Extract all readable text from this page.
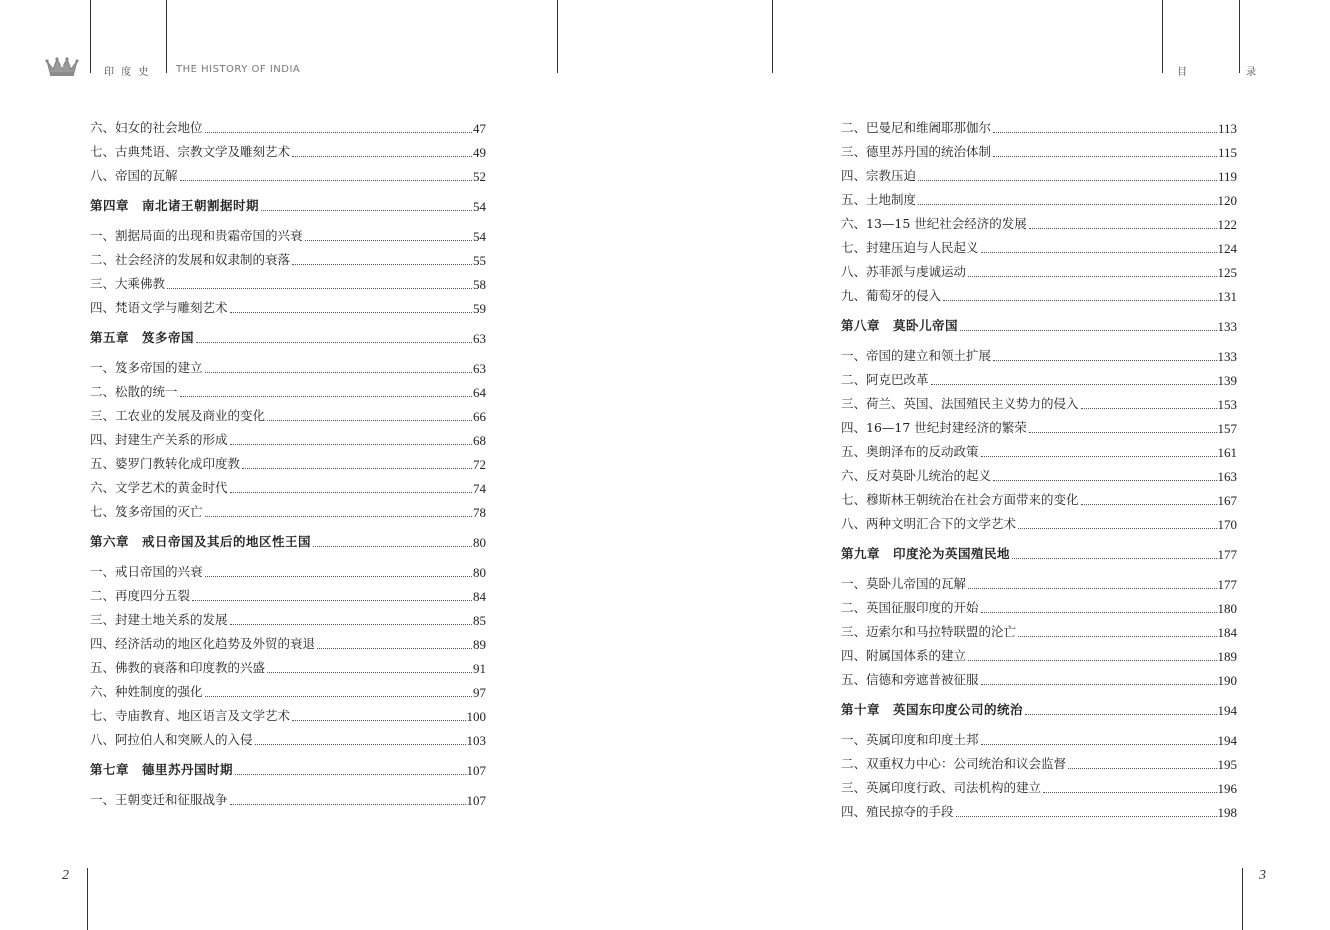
印 度 史	THE HISTORY OF INDIA	目 录
六、妇女的社会地位	47
七、古典梵语、宗教文学及雕刻艺术	49
八、帝国的瓦解	52
第四章　南北诸王朝割据时期	54
一、割据局面的出现和贵霜帝国的兴衰	54
二、社会经济的发展和奴隶制的衰落	55
三、大乘佛教	58
四、梵语文学与雕刻艺术	59
第五章　笈多帝国	63
一、笈多帝国的建立	63
二、松散的统一	64
三、工农业的发展及商业的变化	66
四、封建生产关系的形成	68
五、婆罗门教转化成印度教	72
六、文学艺术的黄金时代	74
七、笈多帝国的灭亡	78
第六章　戒日帝国及其后的地区性王国	80
一、戒日帝国的兴衰	80
二、再度四分五裂	84
三、封建土地关系的发展	85
四、经济活动的地区化趋势及外贸的衰退	89
五、佛教的衰落和印度教的兴盛	91
六、种姓制度的强化	97
七、寺庙教育、地区语言及文学艺术	100
八、阿拉伯人和突厥人的入侵	103
第七章　德里苏丹国时期	107
一、王朝变迁和征服战争	107
二、巴曼尼和维阇耶那伽尔	113
三、德里苏丹国的统治体制	115
四、宗教压迫	119
五、土地制度	120
六、13—15 世纪社会经济的发展	122
七、封建压迫与人民起义	124
八、苏菲派与虔诚运动	125
九、葡萄牙的侵入	131
第八章　莫卧儿帝国	133
一、帝国的建立和领土扩展	133
二、阿克巴改革	139
三、荷兰、英国、法国殖民主义势力的侵入	153
四、16—17 世纪封建经济的繁荣	157
五、奥朗泽布的反动政策	161
六、反对莫卧儿统治的起义	163
七、穆斯林王朝统治在社会方面带来的变化	167
八、两种文明汇合下的文学艺术	170
第九章　印度沦为英国殖民地	177
一、莫卧儿帝国的瓦解	177
二、英国征服印度的开始	180
三、迈索尔和马拉特联盟的沦亡	184
四、附属国体系的建立	189
五、信德和旁遮普被征服	190
第十章　英国东印度公司的统治	194
一、英属印度和印度土邦	194
二、双重权力中心：公司统治和议会监督	195
三、英属印度行政、司法机构的建立	196
四、殖民掠夺的手段	198
2	3
